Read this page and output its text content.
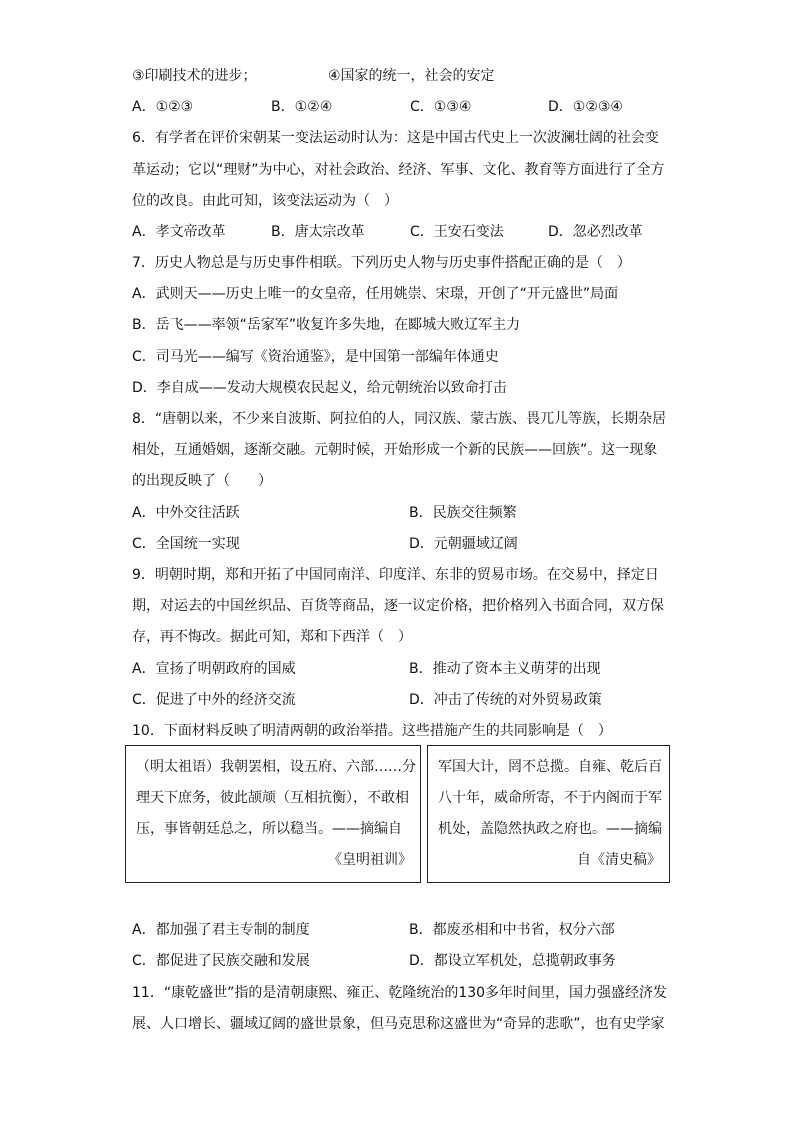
③印刷技术的进步；	④国家的统一，社会的安定
A．①②③	B．①②④	C．①③④	D．①②③④
6．有学者在评价宋朝某一变法运动时认为：这是中国古代史上一次波澜壮阔的社会变
革运动；它以“理财”为中心，对社会政治、经济、军事、文化、教育等方面进行了全方
位的改良。由此可知，该变法运动为（　）
A．孝文帝改革	B．唐太宗改革	C．王安石变法	D．忽必烈改革
7．历史人物总是与历史事件相联。下列历史人物与历史事件搭配正确的是（　）
A．武则天——历史上唯一的女皇帝，任用姚崇、宋璟，开创了“开元盛世”局面
B．岳飞——率领“岳家军”收复许多失地，在郾城大败辽军主力
C．司马光——编写《资治通鉴》，是中国第一部编年体通史
D．李自成——发动大规模农民起义，给元朝统治以致命打击
8．“唐朝以来，不少来自波斯、阿拉伯的人，同汉族、蒙古族、畏兀儿等族，长期杂居
相处，互通婚姻，逐渐交融。元朝时候，开始形成一个新的民族——回族”。这一现象
的出现反映了（　　）
A．中外交往活跃	B．民族交往频繁
C．全国统一实现	D．元朝疆域辽阔
9．明朝时期，郑和开拓了中国同南洋、印度洋、东非的贸易市场。在交易中，择定日
期，对运去的中国丝织品、百货等商品，逐一议定价格，把价格列入书面合同，双方保
存，再不悔改。据此可知，郑和下西洋（　）
A．宣扬了明朝政府的国威	B．推动了资本主义萌芽的出现
C．促进了中外的经济交流	D．冲击了传统的对外贸易政策
10．下面材料反映了明清两朝的政治举措。这些措施产生的共同影响是（　）

（明太祖语）我朝罢相，设五府、六部……分

理天下庶务，彼此颉颃（互相抗衡），不敢相

压，事皆朝廷总之，所以稳当。——摘编自

《皇明祖训》

军国大计，罔不总揽。自雍、乾后百

八十年，威命所寄，不于内阁而于军

机处，盖隐然执政之府也。——摘编

自《清史稿》

A．都加强了君主专制的制度	B．都废丞相和中书省，权分六部
C．都促进了民族交融和发展	D．都设立军机处，总揽朝政事务
11．“康乾盛世”指的是清朝康熙、雍正、乾隆统治的130多年时间里，国力强盛经济发
展、人口增长、疆域辽阔的盛世景象，但马克思称这盛世为“奇异的悲歌”，也有史学家
